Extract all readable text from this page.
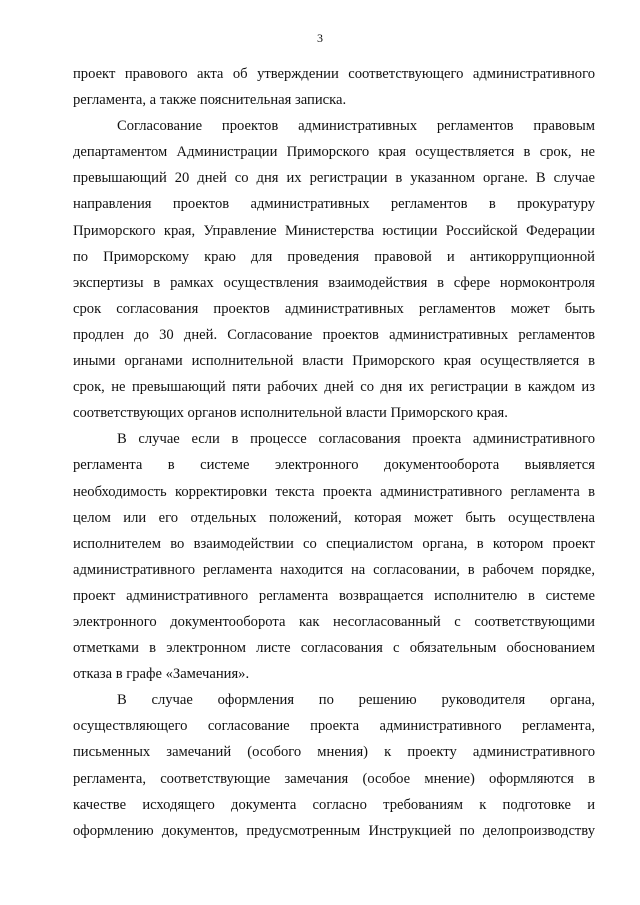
3

проект правового акта об утверждении соответствующего административного
регламента, а также пояснительная записка.

Согласование проектов административных регламентов правовым
департаментом Администрации Приморского края осуществляется в срок, не
превышающий 20 дней со дня их регистрации в указанном органе. В случае
направления проектов административных регламентов в прокуратуру
Приморского края, Управление Министерства юстиции Российской Федерации
по Приморскому краю для проведения правовой и антикоррупционной
экспертизы в рамках осуществления взаимодействия в сфере нормоконтроля
срок согласования проектов административных регламентов может быть
продлен до 30 дней. Согласование проектов административных регламентов
иными органами исполнительной власти Приморского края осуществляется в
срок, не превышающий пяти рабочих дней со дня их регистрации в каждом из
соответствующих органов исполнительной власти Приморского края.

В случае если в процессе согласования проекта административного
регламента в системе электронного документооборота выявляется
необходимость корректировки текста проекта административного регламента в
целом или его отдельных положений, которая может быть осуществлена
исполнителем во взаимодействии со специалистом органа, в котором проект
административного регламента находится на согласовании, в рабочем порядке,
проект административного регламента возвращается исполнителю в системе
электронного документооборота как несогласованный с соответствующими
отметками в электронном листе согласования с обязательным обоснованием
отказа в графе «Замечания».

В случае оформления по решению руководителя органа,
осуществляющего согласование проекта административного регламента,
письменных замечаний (особого мнения) к проекту административного
регламента, соответствующие замечания (особое мнение) оформляются в
качестве исходящего документа согласно требованиям к подготовке и
оформлению документов, предусмотренным Инструкцией по делопроизводству
